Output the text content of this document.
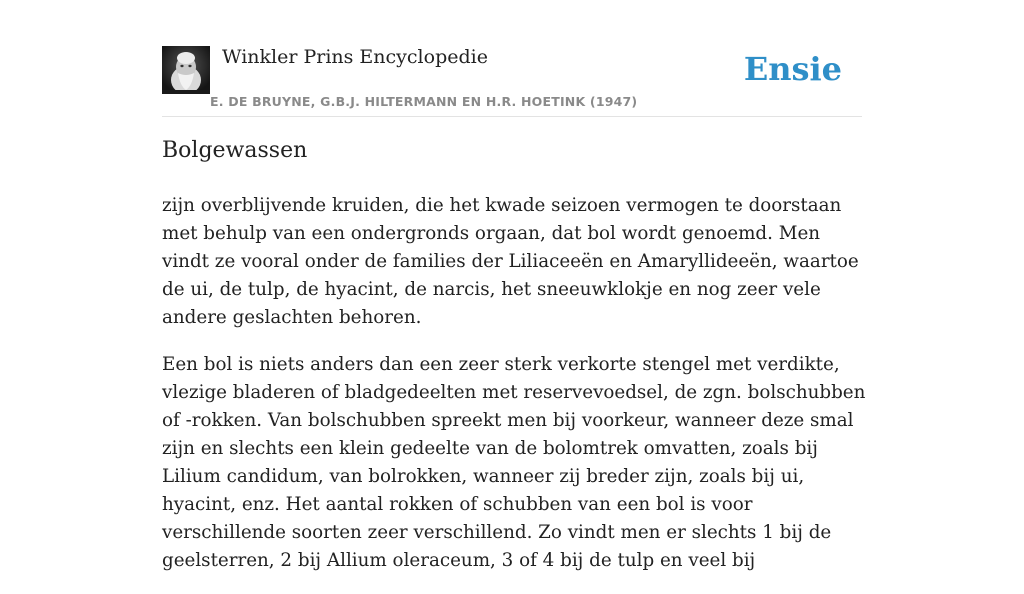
Winkler Prins Encyclopedie
E. DE BRUYNE, G.B.J. HILTERMANN EN H.R. HOETINK (1947)
Ensie
Bolgewassen

zijn overblijvende kruiden, die het kwade seizoen vermogen te doorstaan met behulp van een ondergronds orgaan, dat bol wordt genoemd. Men vindt ze vooral onder de families der Liliaceeën en Amaryllideeën, waartoe de ui, de tulp, de hyacint, de narcis, het sneeuwklokje en nog zeer vele andere geslachten behoren.

Een bol is niets anders dan een zeer sterk verkorte stengel met verdikte, vlezige bladeren of bladgedeelten met reservevoedsel, de zgn. bolschubben of -rokken. Van bolschubben spreekt men bij voorkeur, wanneer deze smal zijn en slechts een klein gedeelte van de bolomtrek omvatten, zoals bij Lilium candidum, van bolrokken, wanneer zij breder zijn, zoals bij ui, hyacint, enz. Het aantal rokken of schubben van een bol is voor verschillende soorten zeer verschillend. Zo vindt men er slechts 1 bij de geelsterren, 2 bij Allium oleraceum, 3 of 4 bij de tulp en veel bij
